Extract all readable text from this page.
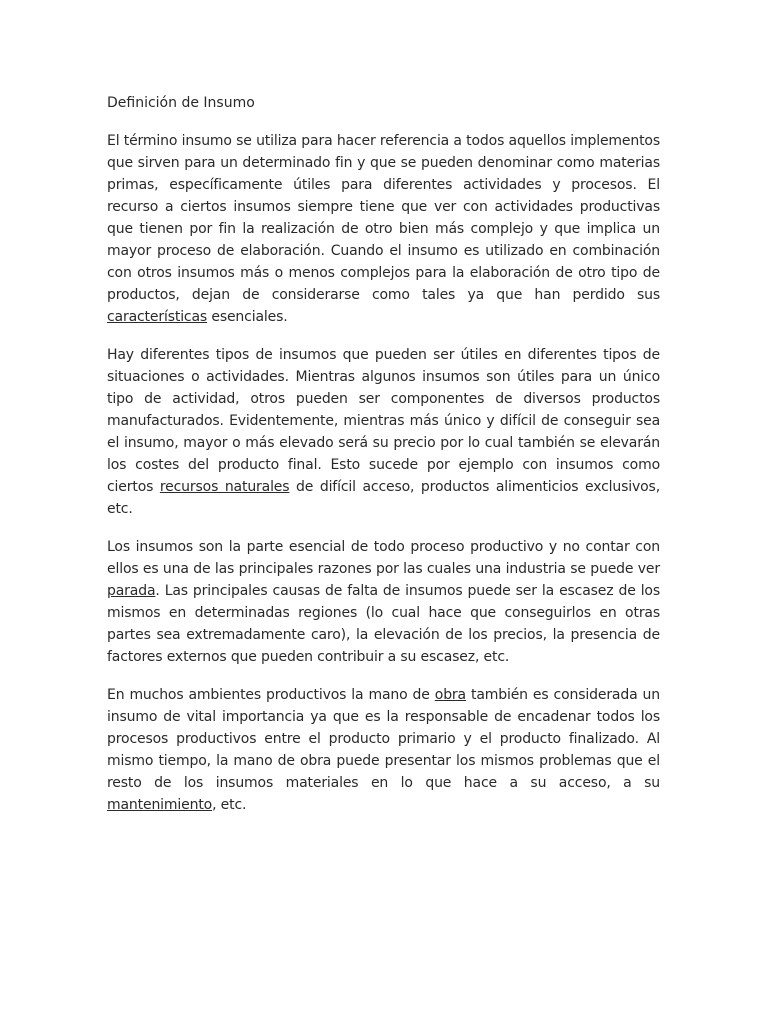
Definición de Insumo

El término insumo se utiliza para hacer referencia a todos aquellos implementos que sirven para un determinado fin y que se pueden denominar como materias primas, específicamente útiles para diferentes actividades y procesos. El recurso a ciertos insumos siempre tiene que ver con actividades productivas que tienen por fin la realización de otro bien más complejo y que implica un mayor proceso de elaboración. Cuando el insumo es utilizado en combinación con otros insumos más o menos complejos para la elaboración de otro tipo de productos, dejan de considerarse como tales ya que han perdido sus características esenciales.

Hay diferentes tipos de insumos que pueden ser útiles en diferentes tipos de situaciones o actividades. Mientras algunos insumos son útiles para un único tipo de actividad, otros pueden ser componentes de diversos productos manufacturados. Evidentemente, mientras más único y difícil de conseguir sea el insumo, mayor o más elevado será su precio por lo cual también se elevarán los costes del producto final. Esto sucede por ejemplo con insumos como ciertos recursos naturales de difícil acceso, productos alimenticios exclusivos, etc.

Los insumos son la parte esencial de todo proceso productivo y no contar con ellos es una de las principales razones por las cuales una industria se puede ver parada. Las principales causas de falta de insumos puede ser la escasez de los mismos en determinadas regiones (lo cual hace que conseguirlos en otras partes sea extremadamente caro), la elevación de los precios, la presencia de factores externos que pueden contribuir a su escasez, etc.

En muchos ambientes productivos la mano de obra también es considerada un insumo de vital importancia ya que es la responsable de encadenar todos los procesos productivos entre el producto primario y el producto finalizado. Al mismo tiempo, la mano de obra puede presentar los mismos problemas que el resto de los insumos materiales en lo que hace a su acceso, a su mantenimiento, etc.
